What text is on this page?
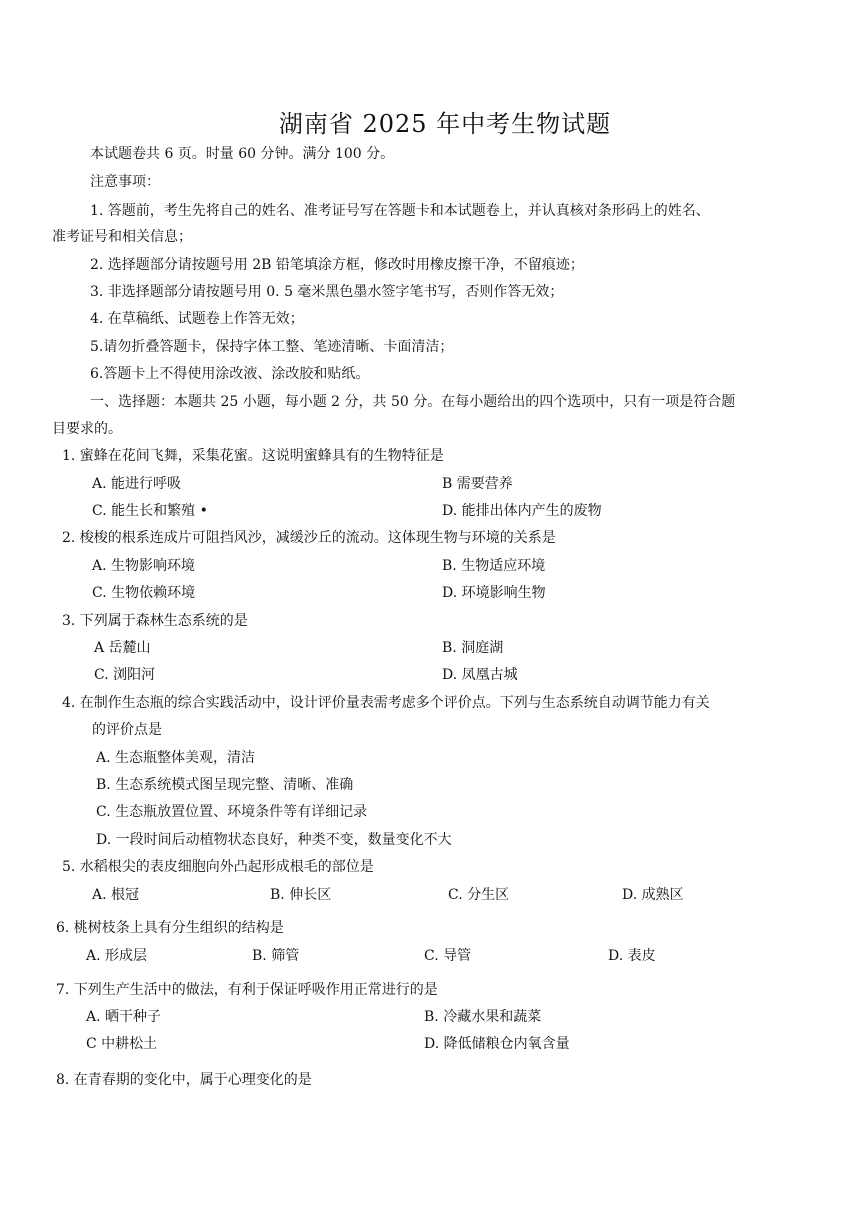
湖南省 2025 年中考生物试题
本试题卷共 6 页。时量 60 分钟。满分 100 分。
注意事项：
1. 答题前，考生先将自己的姓名、准考证号写在答题卡和本试题卷上，并认真核对条形码上的姓名、
准考证号和相关信息；
2. 选择题部分请按题号用 2B 铅笔填涂方框，修改时用橡皮擦干净，不留痕迹；
3. 非选择题部分请按题号用 0. 5 毫米黑色墨水签字笔书写，否则作答无效；
4. 在草稿纸、试题卷上作答无效；
5.请勿折叠答题卡，保持字体工整、笔迹清晰、卡面清洁；
6.答题卡上不得使用涂改液、涂改胶和贴纸。
一、选择题：本题共 25 小题，每小题 2 分，共 50 分。在每小题给出的四个选项中，只有一项是符合题
目要求的。
1. 蜜蜂在花间飞舞，采集花蜜。这说明蜜蜂具有的生物特征是
A. 能进行呼吸	B 需要营养
C. 能生长和繁殖 •	D. 能排出体内产生的废物
2. 梭梭的根系连成片可阻挡风沙，减缓沙丘的流动。这体现生物与环境的关系是
A. 生物影响环境	B. 生物适应环境
C. 生物依赖环境	D. 环境影响生物
3. 下列属于森林生态系统的是
A 岳麓山	B. 洞庭湖
C. 浏阳河	D. 凤凰古城
4. 在制作生态瓶的综合实践活动中，设计评价量表需考虑多个评价点。下列与生态系统自动调节能力有关
的评价点是
A. 生态瓶整体美观，清洁
B. 生态系统模式图呈现完整、清晰、准确
C. 生态瓶放置位置、环境条件等有详细记录
D. 一段时间后动植物状态良好，种类不变，数量变化不大
5. 水稻根尖的表皮细胞向外凸起形成根毛的部位是
A. 根冠	B. 伸长区	C. 分生区	D. 成熟区
6. 桃树枝条上具有分生组织的结构是
A. 形成层	B. 筛管	C. 导管	D. 表皮
7. 下列生产生活中的做法，有利于保证呼吸作用正常进行的是
A. 晒干种子	B. 冷藏水果和蔬菜
C 中耕松土	D. 降低储粮仓内氧含量
8. 在青春期的变化中，属于心理变化的是
